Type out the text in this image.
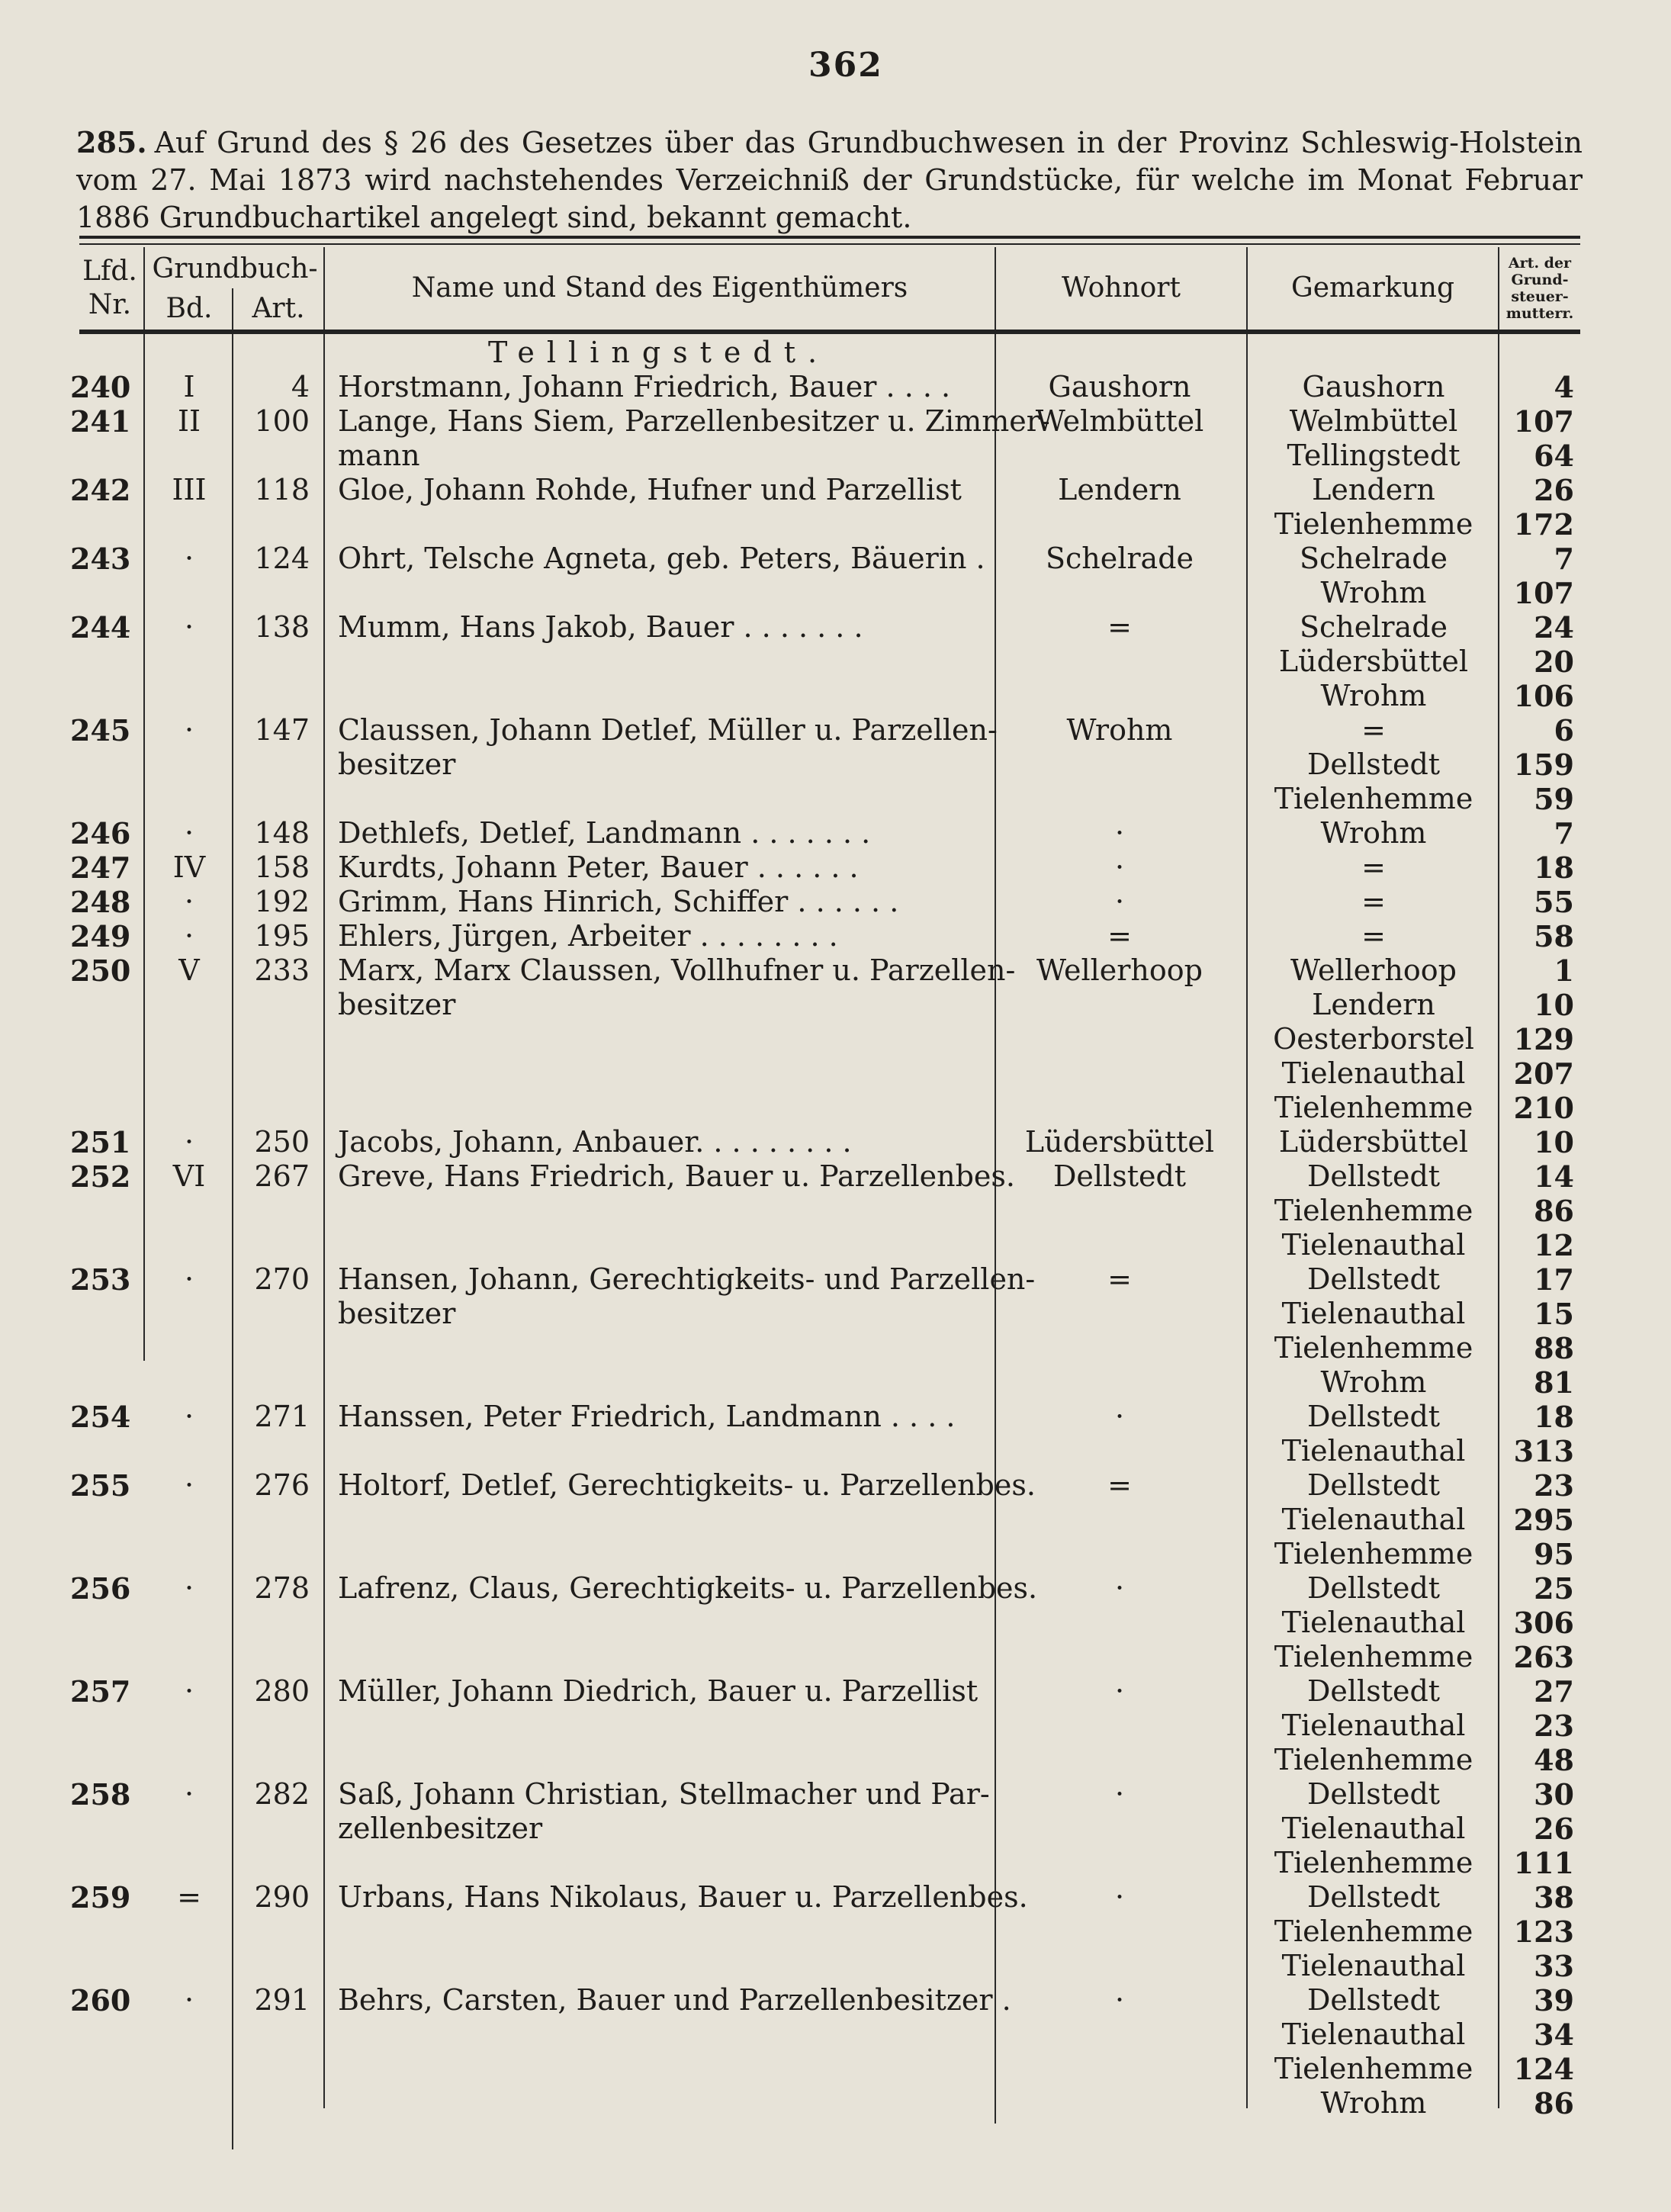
362
285. Auf Grund des § 26 des Gesetzes über das Grundbuchwesen in der Provinz Schleswig-Holstein vom 27. Mai 1873 wird nachstehendes Verzeichniß der Grundstücke, für welche im Monat Februar 1886 Grundbuchartikel angelegt sind, bekannt gemacht.
Lfd.
Nr.
Grundbuch-
Bd.	Art.
Name und Stand des Eigenthümers	Wohnort	Gemarkung
Art. der
Grund-
steuer-
mutterr.
Tellingstedt.
240	I	4 Horstmann, Johann Friedrich, Bauer . . . .	Gaushorn	Gaushorn	4
241	II	100 Lange, Hans Siem, Parzellenbesitzer u. Zimmer-
mann
Welmbüttel	Welmbüttel	107
Tellingstedt	64
242	III	118 Gloe, Johann Rohde, Hufner und Parzellist	Lendern	Lendern	26
Tielenhemme	172
243	·	124 Ohrt, Telsche Agneta, geb. Peters, Bäuerin .	Schelrade	Schelrade	7
Wrohm	107
244	·	138 Mumm, Hans Jakob, Bauer . . . . . . .	=	Schelrade	24
Lüdersbüttel	20
Wrohm	106
245	·	147 Claussen, Johann Detlef, Müller u. Parzellen-
besitzer
Wrohm	=	6
Dellstedt	159
Tielenhemme	59
246	·	148 Dethlefs, Detlef, Landmann . . . . . . .	·	Wrohm	7
247	IV	158 Kurdts, Johann Peter, Bauer . . . . . .	·	=	18
248	·	192 Grimm, Hans Hinrich, Schiffer . . . . . .	·	=	55
249	·	195 Ehlers, Jürgen, Arbeiter . . . . . . . .	=	=	58
250	V	233 Marx, Marx Claussen, Vollhufner u. Parzellen-
besitzer
Wellerhoop	Wellerhoop	1
Lendern	10
Oesterborstel	129
Tielenauthal	207
Tielenhemme	210
251	·	250 Jacobs, Johann, Anbauer. . . . . . . . .	Lüdersbüttel	Lüdersbüttel	10
252	VI	267 Greve, Hans Friedrich, Bauer u. Parzellenbes.	Dellstedt	Dellstedt	14
Tielenhemme	86
Tielenauthal	12
253	·	270 Hansen, Johann, Gerechtigkeits- und Parzellen-
besitzer
=	Dellstedt	17
Tielenauthal	15
Tielenhemme	88
Wrohm	81
254	·	271 Hanssen, Peter Friedrich, Landmann . . . .	·	Dellstedt	18
Tielenauthal	313
255	·	276 Holtorf, Detlef, Gerechtigkeits- u. Parzellenbes.	=	Dellstedt	23
Tielenauthal	295
Tielenhemme	95
256	·	278 Lafrenz, Claus, Gerechtigkeits- u. Parzellenbes.	·	Dellstedt	25
Tielenauthal	306
Tielenhemme	263
257	·	280 Müller, Johann Diedrich, Bauer u. Parzellist	·	Dellstedt	27
Tielenauthal	23
Tielenhemme	48
258	·	282 Saß, Johann Christian, Stellmacher und Par-
zellenbesitzer
·	Dellstedt	30
Tielenauthal	26
Tielenhemme	111
259	=	290 Urbans, Hans Nikolaus, Bauer u. Parzellenbes.	·	Dellstedt	38
Tielenhemme	123
Tielenauthal	33
260	·	291 Behrs, Carsten, Bauer und Parzellenbesitzer .	·	Dellstedt	39
Tielenauthal	34
Tielenhemme	124
Wrohm	86
